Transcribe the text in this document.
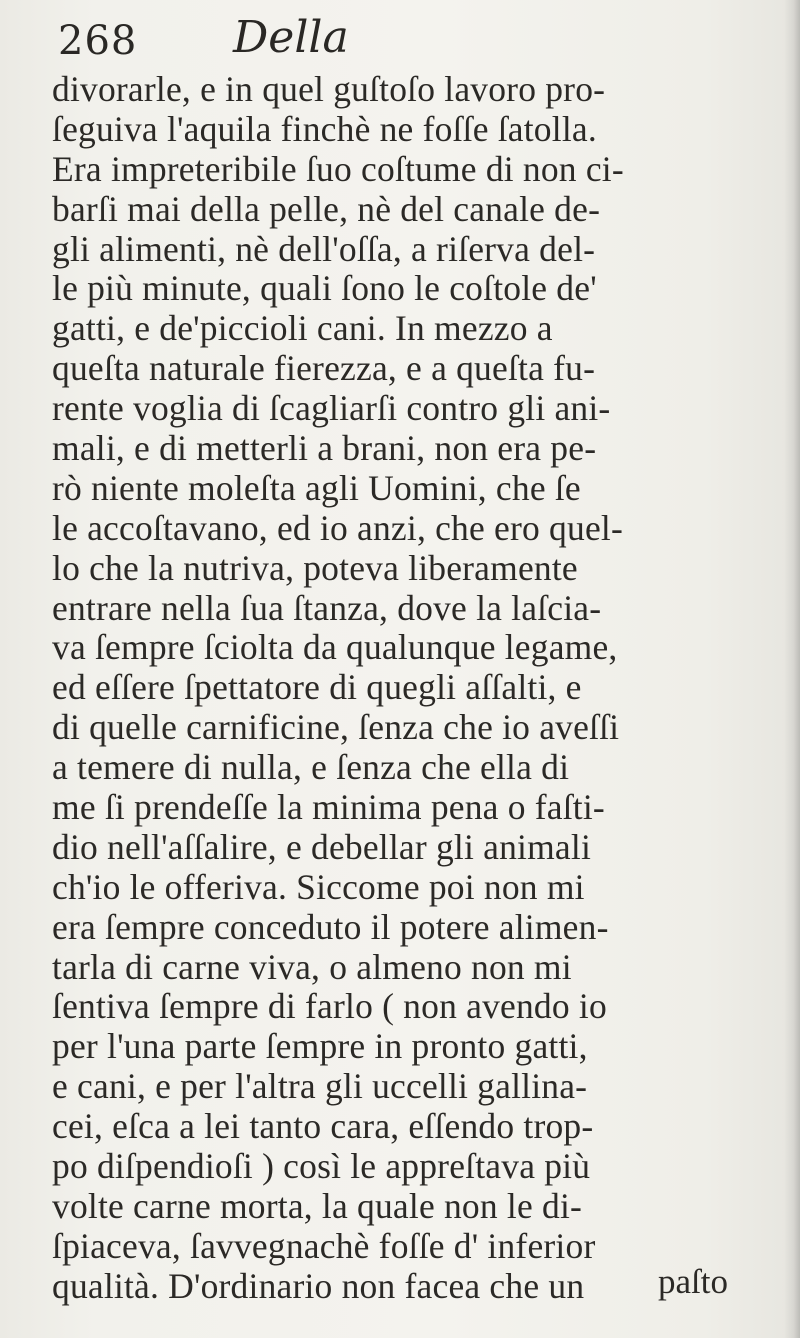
268 Della
divorarle, e in quel guſtoſo lavoro pro-
ſeguiva l'aquila finchè ne foſſe ſatolla.
Era impreteribile ſuo coſtume di non ci-
barſi mai della pelle, nè del canale de-
gli alimenti, nè dell'oſſa, a riſerva del-
le più minute, quali ſono le coſtole de'
gatti, e de'piccioli cani. In mezzo a
queſta naturale fierezza, e a queſta fu-
rente voglia di ſcagliarſi contro gli ani-
mali, e di metterli a brani, non era pe-
rò niente moleſta agli Uomini, che ſe
le accoſtavano, ed io anzi, che ero quel-
lo che la nutriva, poteva liberamente
entrare nella ſua ſtanza, dove la laſcia-
va ſempre ſciolta da qualunque legame,
ed eſſere ſpettatore di quegli aſſalti, e
di quelle carnificine, ſenza che io aveſſi
a temere di nulla, e ſenza che ella di
me ſi prendeſſe la minima pena o faſti-
dio nell'aſſalire, e debellar gli animali
ch'io le offeriva. Siccome poi non mi
era ſempre conceduto il potere alimen-
tarla di carne viva, o almeno non mi
ſentiva ſempre di farlo ( non avendo io
per l'una parte ſempre in pronto gatti,
e cani, e per l'altra gli uccelli gallina-
cei, eſca a lei tanto cara, eſſendo trop-
po diſpendioſi ) così le appreſtava più
volte carne morta, la quale non le di-
ſpiaceva, ſavvegnachè foſſe d' inferior
qualità. D'ordinario non facea che un	paſto
